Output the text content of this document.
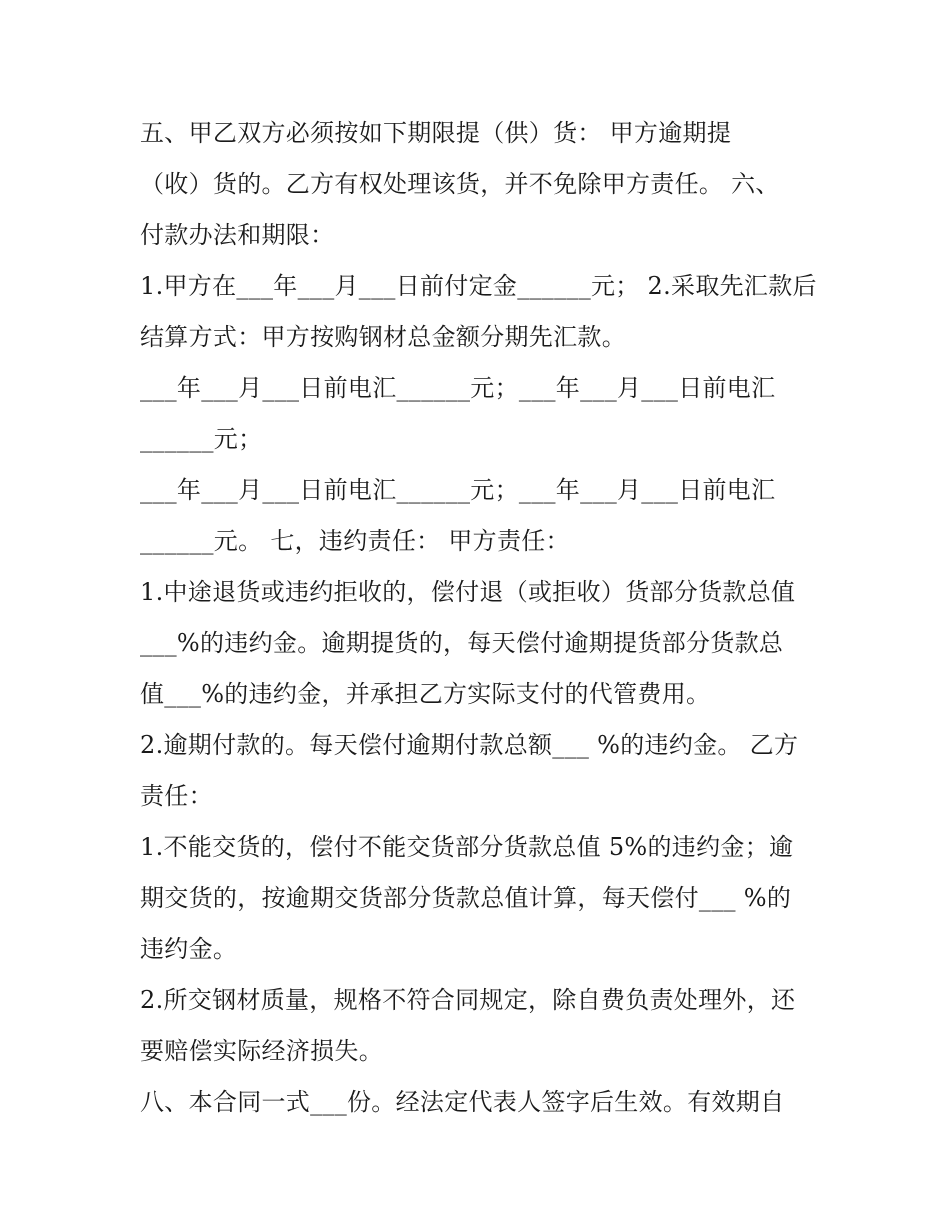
五、甲乙双方必须按如下期限提（供）货： 甲方逾期提
（收）货的。乙方有权处理该货，并不免除甲方责任。 六、
付款办法和期限：
1.甲方在___年___月___日前付定金______元； 2.采取先汇款后
结算方式：甲方按购钢材总金额分期先汇款。
___年___月___日前电汇______元；___年___月___日前电汇
______元；
___年___月___日前电汇______元；___年___月___日前电汇
______元。 七，违约责任： 甲方责任：
1.中途退货或违约拒收的，偿付退（或拒收）货部分货款总值
___%的违约金。逾期提货的，每天偿付逾期提货部分货款总
值___%的违约金，并承担乙方实际支付的代管费用。
2.逾期付款的。每天偿付逾期付款总额___ %的违约金。 乙方
责任：
1.不能交货的，偿付不能交货部分货款总值 5%的违约金；逾
期交货的，按逾期交货部分货款总值计算，每天偿付___ %的
违约金。
2.所交钢材质量，规格不符合同规定，除自费负责处理外，还
要赔偿实际经济损失。
八、本合同一式___份。经法定代表人签字后生效。有效期自
